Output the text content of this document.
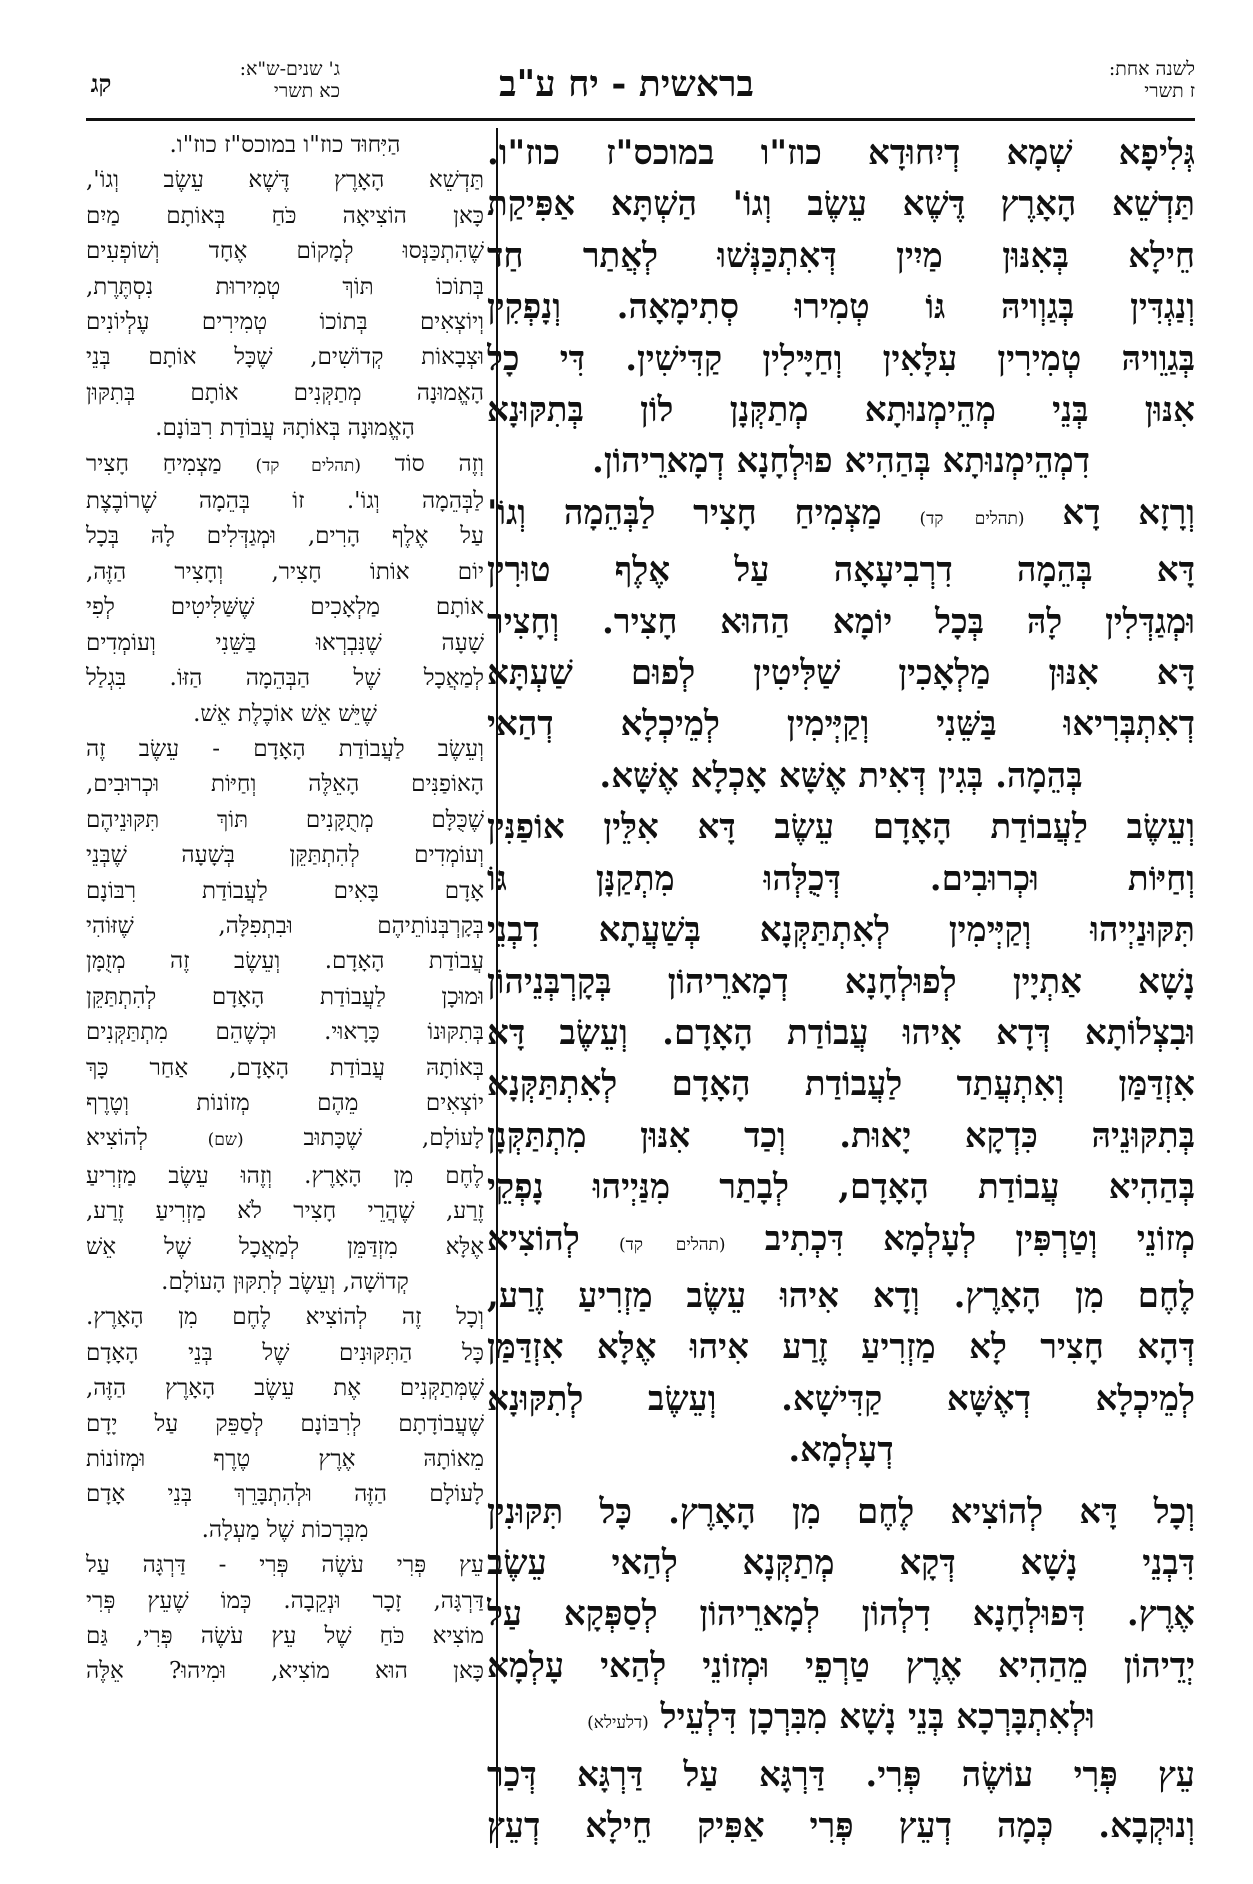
לשנה אחת:
ז תשרי
בראשית - יח ע"ב
ג' שנים-ש"א:
כא תשרי
קג
גְּלִיפָא שְׁמָא דְיִחוּדָא כוז"ו במוכס"ז כוז"ו.
תַּדְשֵׁא הָאָרֶץ דֶּשֶׁא עֵשֶׂב וְגוֹ' הַשְׁתָּא אַפִּיקַת
חֵילָא בְּאִנּוּן מַיִין דְּאִתְכַּנְּשׁוּ לְאֲתַר חַד
וְנַגְדִּין בְּגַוְויהּ גּוֹ טְמִירוּ סְתִימָאָה. וְנָפְקִין
בְּגַוֵויהּ טְמִירִין עִלָּאִין וְחַיָּילִין קַדִּישִׁין. דִּי כָל
אִנּוּן בְּנֵי מְהֵימְנוּתָא מְתַקְּנָן לוֹן בְּתִקּוּנָא
דִמְהֵימְנוּתָא בְּהַהִיא פוּלְחָנָא דְמָארֵיהוֹן.
וְרָזָא דָא (תהלים קד) מַצְמִיחַ חָצִיר לַבְּהֵמָה וְגוֹ'
דָּא בְּהֵמָה דִרְבִיעָאָה עַל אֶלֶף טוּרִין
וּמְגַדְּלִין לָהּ בְּכָל יוֹמָא הַהוּא חָצִיר. וְחָצִיר
דָּא אִנּוּן מַלְאָכִין שַׁלִּיטִין לְפוּם שַׁעְתָּא
דְאִתְבְּרִיאוּ בַּשֵּׁנִי וְקַיְּימִין לְמֵיכְלָא דְהַאי
בְּהֵמָה. בְּגִין דְּאִית אֶשָּׁא אָכְלָא אֶשָּׁא.
וְעֵשֶׂב לַעֲבוֹדַת הָאָדָם עֵשֶׂב דָּא אִלֵּין אוֹפַנִּין
וְחַיּוֹת וּכְרוּבִים. דְּכֻלְּהוּ מִתְקַנָּן גּוֹ
תִּקּוּנַיְיהוּ וְקַיְּימִין לְאִתְתַּקְּנָא בְּשַׁעֲתָא דִבְנֵי
נָשָׁא אַתְיָין לְפוּלְחָנָא דְמָארֵיהוֹן בְּקָרְבְּנֵיהוֹן
וּבִצְלוֹתָא דְּדָא אִיהוּ עֲבוֹדַת הָאָדָם. וְעֵשֶׂב דָּא
אִזְדַּמַּן וְאִתְעֲתַד לַעֲבוֹדַת הָאָדָם לְאִתְתַּקְּנָא
בְּתִקּוּנֵיהּ כִּדְקָא יָאוּת. וְכַד אִנּוּן מִתְתַּקְּנָן
בְּהַהִיא עֲבוֹדַת הָאָדָם, לְבָתַר מִנַּיְיהוּ נָפְקֵי
מְזוֹנֵי וְטַרְפִּין לְעָלְמָא דִּכְתִיב (תהלים קד) לְהוֹצִיא
לֶחֶם מִן הָאָרֶץ. וְדָא אִיהוּ עֵשֶׂב מַזְרִיעַ זֶרַע,
דְּהָא חָצִיר לָא מַזְרִיעַ זֶרַע אִיהוּ אֶלָּא אִזְדַּמַּן
לְמֵיכְלָא דְאֶשָּׁא קַדִּישָׁא. וְעֵשֶׂב לְתִקּוּנָא
דְעָלְמָא.
וְכָל דָּא לְהוֹצִיא לֶחֶם מִן הָאָרֶץ. כָּל תִּקּוּנִין
דִּבְנֵי נָשָׁא דְּקָא מְתַקְּנָא לְהַאי עֵשֶׂב
אֶרֶץ. דִּפוּלְחָנָא דִלְהוֹן לְמָארֵיהוֹן לְסַפְּקָא עַל
יְדֵיהוֹן מֵהַהִיא אֶרֶץ טַרְפֵי וּמְזוֹנֵי לְהַאי עָלְמָא
וּלְאִתְבָּרְכָא בְּנֵי נָשָׁא מִבִּרְכָן דִּלְעֵיל (דלעילא)
עֵץ פְּרִי עוֹשֶׂה פְּרִי. דַּרְגָּא עַל דַּרְגָּא דְּכַר
וְנוּקְבָא. כְּמָה דְעֵץ פְּרִי אַפִּיק חֵילָא דְעֵץ
הַיִּחוּד כוז"ו במוכס"ז כוז"ו.
תַּדְשֵׁא הָאָרֶץ דֶּשֶׁא עֵשֶׂב וְגוֹ',
כָּאן הוֹצִיאָה כֹּחַ בְּאוֹתָם מַיִם
שֶׁהִתְכַּנְּסוּ לְמָקוֹם אֶחָד וְשׁוֹפְעִים
בְּתוֹכוֹ תּוֹךְ טְמִירוּת נִסְתֶּרֶת,
וְיוֹצְאִים בְּתוֹכוֹ טְמִירִים עֶלְיוֹנִים
וּצְבָאוֹת קְדוֹשִׁים, שֶׁכָּל אוֹתָם בְּנֵי
הָאֱמוּנָה מְתַקְּנִים אוֹתָם בְּתִקּוּן
הָאֱמוּנָה בְּאוֹתָהּ עֲבוֹדַת רִבּוֹנָם.
וְזֶה סוֹד (תהלים קד) מַצְמִיחַ חָצִיר
לַבְּהֵמָה וְגוֹ'. זוֹ בְּהֵמָה שֶׁרוֹבֶצֶת
עַל אֶלֶף הָרִים, וּמְגַדְּלִים לָהּ בְּכָל
יוֹם אוֹתוֹ חָצִיר, וְחָצִיר הַזֶּה,
אוֹתָם מַלְאָכִים שֶׁשַּׁלִּיטִים לְפִי
שָׁעָה שֶׁנִּבְרְאוּ בַּשֵּׁנִי וְעוֹמְדִים
לְמַאֲכָל שֶׁל הַבְּהֵמָה הַזּוֹ. בִּגְלַל
שֶׁיֵּשׁ אֵשׁ אוֹכֶלֶת אֵשׁ.
וְעֵשֶׂב לַעֲבוֹדַת הָאָדָם - עֵשֶׂב זֶה
הָאוֹפַנִּים הָאֵלֶּה וְחַיּוֹת וּכְרוּבִים,
שֶׁכֻּלָּם מְתֻקָּנִים תּוֹךְ תִּקּוּנֵיהֶם
וְעוֹמְדִים לְהִתְתַּקֵּן בְּשָׁעָה שֶׁבְּנֵי
אָדָם בָּאִים לַעֲבוֹדַת רִבּוֹנָם
בְּקָרְבְּנוֹתֵיהֶם וּבִתְפִלָּה, שֶׁזּוֹהִי
עֲבוֹדַת הָאָדָם. וְעֵשֶׂב זֶה מְזֻמָּן
וּמוּכָן לַעֲבוֹדַת הָאָדָם לְהִתְתַּקֵּן
בְּתִקּוּנוֹ כָּרָאוּי. וּכְשֶׁהֵם מִתְתַּקְּנִים
בְּאוֹתָהּ עֲבוֹדַת הָאָדָם, אַחַר כָּךְ
יוֹצְאִים מֵהֶם מְזוֹנוֹת וְטֶרֶף
לָעוֹלָם, שֶׁכָּתוּב (שם) לְהוֹצִיא
לֶחֶם מִן הָאָרֶץ. וְזֶהוּ עֵשֶׂב מַזְרִיעַ
זֶרַע, שֶׁהֲרֵי חָצִיר לֹא מַזְרִיעַ זֶרַע,
אֶלָּא מִזְדַּמֵּן לְמַאֲכָל שֶׁל אֵשׁ
קְדוֹשָׁה, וְעֵשֶׂב לְתִקּוּן הָעוֹלָם.
וְכָל זֶה לְהוֹצִיא לֶחֶם מִן הָאָרֶץ.
כָּל הַתִּקּוּנִים שֶׁל בְּנֵי הָאָדָם
שֶׁמְּתַקְּנִים אֶת עֵשֶׂב הָאָרֶץ הַזֶּה,
שֶׁעֲבוֹדָתָם לְרִבּוֹנָם לְסַפֵּק עַל יָדָם
מֵאוֹתָהּ אֶרֶץ טֶרֶף וּמְזוֹנוֹת
לָעוֹלָם הַזֶּה וּלְהִתְבָּרֵךְ בְּנֵי אָדָם
מִבְּרָכוֹת שֶׁל מַעְלָה.
עֵץ פְּרִי עֹשֶׂה פְּרִי - דַּרְגָּה עַל
דַּרְגָּה, זָכָר וּנְקֵבָה. כְּמוֹ שֶׁעֵץ פְּרִי
מוֹצִיא כֹּחַ שֶׁל עֵץ עֹשֶׂה פְּרִי, גַּם
כָּאן הוּא מוֹצִיא, וּמִיהוּ? אֵלֶּה
